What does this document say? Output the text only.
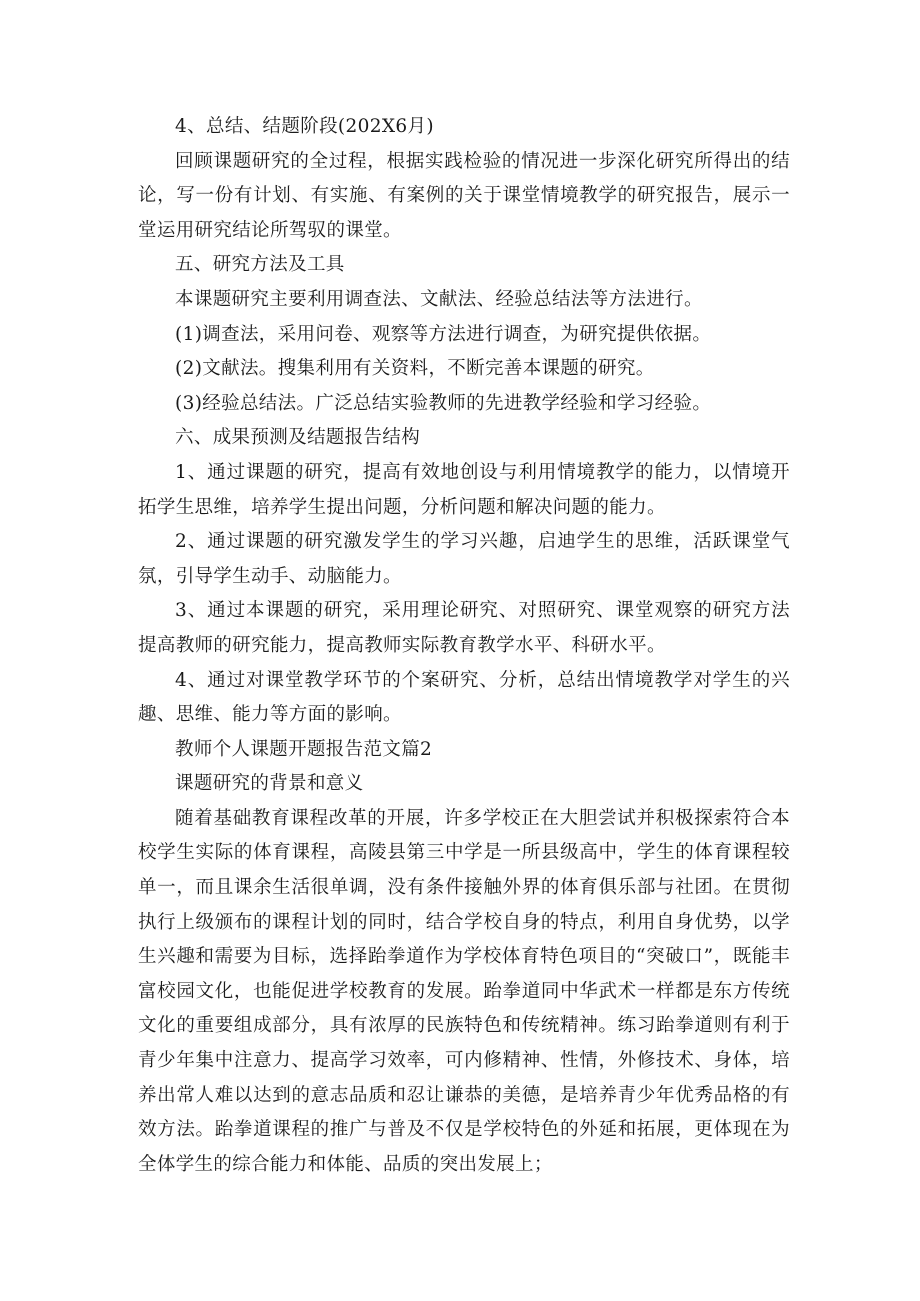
4、总结、结题阶段(202X6月)

回顾课题研究的全过程，根据实践检验的情况进一步深化研究所得出的结论，写一份有计划、有实施、有案例的关于课堂情境教学的研究报告，展示一堂运用研究结论所驾驭的课堂。

五、研究方法及工具

本课题研究主要利用调查法、文献法、经验总结法等方法进行。

(1)调查法，采用问卷、观察等方法进行调查，为研究提供依据。

(2)文献法。搜集利用有关资料，不断完善本课题的研究。

(3)经验总结法。广泛总结实验教师的先进教学经验和学习经验。

六、成果预测及结题报告结构

1、通过课题的研究，提高有效地创设与利用情境教学的能力，以情境开拓学生思维，培养学生提出问题，分析问题和解决问题的能力。

2、通过课题的研究激发学生的学习兴趣，启迪学生的思维，活跃课堂气氛，引导学生动手、动脑能力。

3、通过本课题的研究，采用理论研究、对照研究、课堂观察的研究方法提高教师的研究能力，提高教师实际教育教学水平、科研水平。

4、通过对课堂教学环节的个案研究、分析，总结出情境教学对学生的兴趣、思维、能力等方面的影响。

教师个人课题开题报告范文篇2

课题研究的背景和意义

随着基础教育课程改革的开展，许多学校正在大胆尝试并积极探索符合本校学生实际的体育课程，高陵县第三中学是一所县级高中，学生的体育课程较单一，而且课余生活很单调，没有条件接触外界的体育俱乐部与社团。在贯彻执行上级颁布的课程计划的同时，结合学校自身的特点，利用自身优势，以学生兴趣和需要为目标，选择跆拳道作为学校体育特色项目的“突破口”，既能丰富校园文化，也能促进学校教育的发展。跆拳道同中华武术一样都是东方传统文化的重要组成部分，具有浓厚的民族特色和传统精神。练习跆拳道则有利于青少年集中注意力、提高学习效率，可内修精神、性情，外修技术、身体，培养出常人难以达到的意志品质和忍让谦恭的美德，是培养青少年优秀品格的有效方法。跆拳道课程的推广与普及不仅是学校特色的外延和拓展，更体现在为全体学生的综合能力和体能、品质的突出发展上；
